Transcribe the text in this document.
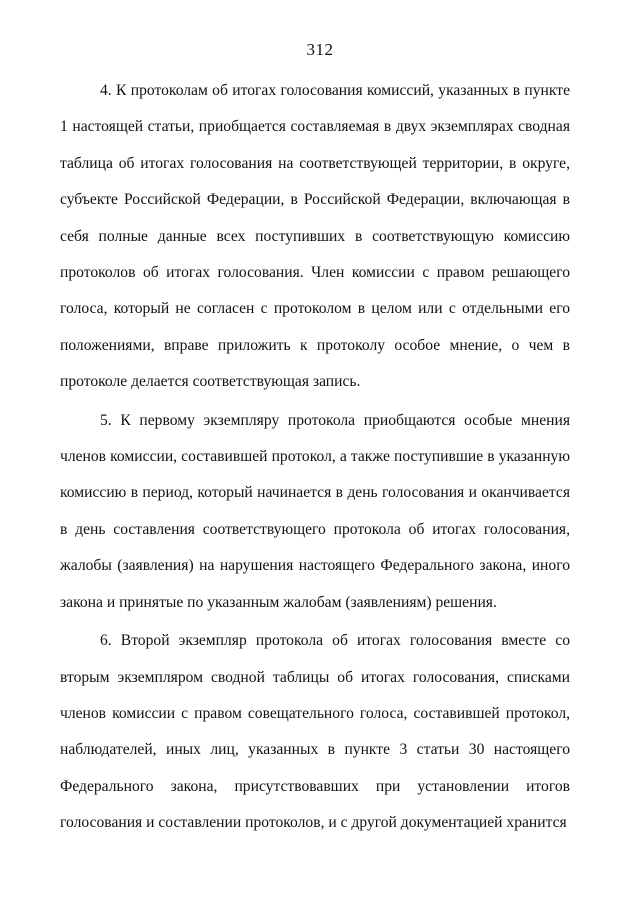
312

4. К протоколам об итогах голосования комиссий, указанных в пункте 1 настоящей статьи, приобщается составляемая в двух экземплярах сводная таблица об итогах голосования на соответствующей территории, в округе, субъекте Российской Федерации, в Российской Федерации, включающая в себя полные данные всех поступивших в соответствующую комиссию протоколов об итогах голосования. Член комиссии с правом решающего голоса, который не согласен с протоколом в целом или с отдельными его положениями, вправе приложить к протоколу особое мнение, о чем в протоколе делается соответствующая запись.

5. К первому экземпляру протокола приобщаются особые мнения членов комиссии, составившей протокол, а также поступившие в указанную комиссию в период, который начинается в день голосования и оканчивается в день составления соответствующего протокола об итогах голосования, жалобы (заявления) на нарушения настоящего Федерального закона, иного закона и принятые по указанным жалобам (заявлениям) решения.

6. Второй экземпляр протокола об итогах голосования вместе со вторым экземпляром сводной таблицы об итогах голосования, списками членов комиссии с правом совещательного голоса, составившей протокол, наблюдателей, иных лиц, указанных в пункте 3 статьи 30 настоящего Федерального закона, присутствовавших при установлении итогов голосования и составлении протоколов, и с другой документацией хранится
